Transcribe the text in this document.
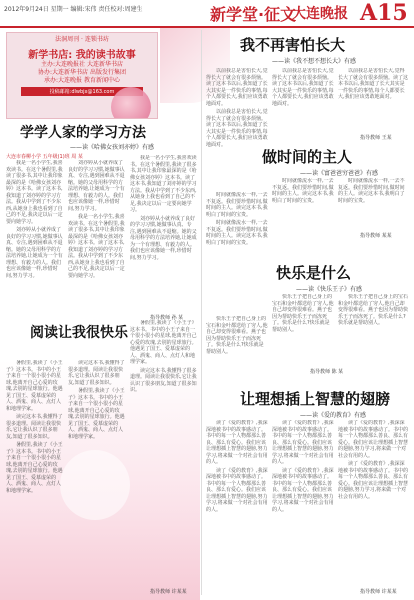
2012年9月24日 星期一 编辑:宋伟 责任校对:周建生	新学堂·征文
大连晚报 A15
法洞周刊 · 连锁书坊
新学书店: 我的读书故事
主办:大连晚报社 大连新华书店
协办:大连新华书店 出版发行集团
承办:大连晚报 教育新闻中心
投稿邮箱:dlwbjx@163.com
学学人家的学习方法
——读《哈佛女孩刘亦婷》有感
大连市春柳小学 五年级(1)班 周 某

我是一名小学生,我喜欢读书。在这个暑假里,我读了很多书,其中让我印象最深的是《哈佛女孩刘亦婷》这本书。读了这本书,我知道了刘亦婷的学习方法。我从中学到了不少东西,从她身上我也看到了自己的不足,我决定以后一定要向她学习。

刘亦婷从小就养成了良好的学习习惯,她做事认真、专注,遇到困难从不退缩。她的父母用科学的方法培养她,让她成为一个有理想、有毅力的人。我们也应该像她一样,珍惜时间,努力学习。

刘亦婷从小就养成了良好的学习习惯,她做事认真、专注,遇到困难从不退缩。她的父母用科学的方法培养她,让她成为一个有理想、有毅力的人。我们也应该像她一样,珍惜时间,努力学习。

我是一名小学生,我喜欢读书。在这个暑假里,我读了很多书,其中让我印象最深的是《哈佛女孩刘亦婷》这本书。读了这本书,我知道了刘亦婷的学习方法。我从中学到了不少东西,从她身上我也看到了自己的不足,我决定以后一定要向她学习。

我是一名小学生,我喜欢读书。在这个暑假里,我读了很多书,其中让我印象最深的是《哈佛女孩刘亦婷》这本书。读了这本书,我知道了刘亦婷的学习方法。我从中学到了不少东西,从她身上我也看到了自己的不足,我决定以后一定要向她学习。

刘亦婷从小就养成了良好的学习习惯,她做事认真、专注,遇到困难从不退缩。她的父母用科学的方法培养她,让她成为一个有理想、有毅力的人。我们也应该像她一样,珍惜时间,努力学习。

指导教师 孙 某
阅读让我很快乐

暑假里,我读了《小王子》这本书。书中的小王子来自一个很小很小的星球,他离开自己心爱的玫瑰,去别的星球旅行。他遇见了国王、爱慕虚荣的人、酒鬼、商人、点灯人和地理学家。

读完这本书,我懂得了很多道理。阅读让我很快乐,它让我认识了很多朋友,知道了很多知识。

暑假里,我读了《小王子》这本书。书中的小王子来自一个很小很小的星球,他离开自己心爱的玫瑰,去别的星球旅行。他遇见了国王、爱慕虚荣的人、酒鬼、商人、点灯人和地理学家。

读完这本书,我懂得了很多道理。阅读让我很快乐,它让我认识了很多朋友,知道了很多知识。

暑假里,我读了《小王子》这本书。书中的小王子来自一个很小很小的星球,他离开自己心爱的玫瑰,去别的星球旅行。他遇见了国王、爱慕虚荣的人、酒鬼、商人、点灯人和地理学家。

暑假里,我读了《小王子》这本书。书中的小王子来自一个很小很小的星球,他离开自己心爱的玫瑰,去别的星球旅行。他遇见了国王、爱慕虚荣的人、酒鬼、商人、点灯人和地理学家。

读完这本书,我懂得了很多道理。阅读让我很快乐,它让我认识了很多朋友,知道了很多知识。

指导教师 许某某
我不再害怕长大
——读《我不想不想长大》有感

以前我总是害怕长大,觉得长大了就会有很多烦恼。读了这本书以后,我知道了长大其实是一件快乐的事情,每个人都要长大,我们应该勇敢地面对。

以前我总是害怕长大,觉得长大了就会有很多烦恼。读了这本书以后,我知道了长大其实是一件快乐的事情,每个人都要长大,我们应该勇敢地面对。

以前我总是害怕长大,觉得长大了就会有很多烦恼。读了这本书以后,我知道了长大其实是一件快乐的事情,每个人都要长大,我们应该勇敢地面对。

以前我总是害怕长大,觉得长大了就会有很多烦恼。读了这本书以后,我知道了长大其实是一件快乐的事情,每个人都要长大,我们应该勇敢地面对。

指导教师 王某
做时间的主人
——读《富爸爸穷爸爸》有感

时间就像流水一样,一去不复返。我们要珍惜时间,做时间的主人。读完这本书,我明白了时间的宝贵。

时间就像流水一样,一去不复返。我们要珍惜时间,做时间的主人。读完这本书,我明白了时间的宝贵。

指导教师 某某

时间就像流水一样,一去不复返。我们要珍惜时间,做时间的主人。读完这本书,我明白了时间的宝贵。

时间就像流水一样,一去不复返。我们要珍惜时间,做时间的主人。读完这本书,我明白了时间的宝贵。

快乐是什么
——读《快乐王子》有感

快乐王子把自己身上的宝石和金叶都送给了穷人,他自己却变得很难看。燕子也因为帮助快乐王子而冻死了。快乐是什么?快乐就是帮助别人。

快乐王子把自己身上的宝石和金叶都送给了穷人,他自己却变得很难看。燕子也因为帮助快乐王子而冻死了。快乐是什么?快乐就是帮助别人。

快乐王子把自己身上的宝石和金叶都送给了穷人,他自己却变得很难看。燕子也因为帮助快乐王子而冻死了。快乐是什么?快乐就是帮助别人。

指导教师 陈 某
让理想插上智慧的翅膀
——读《爱的教育》有感

读了《爱的教育》,我深深地被书中的故事感动了。书中的每一个人物都那么善良、那么有爱心。我们应该让理想插上智慧的翅膀,努力学习,将来做一个对社会有用的人。

读了《爱的教育》,我深深地被书中的故事感动了。书中的每一个人物都那么善良、那么有爱心。我们应该让理想插上智慧的翅膀,努力学习,将来做一个对社会有用的人。

读了《爱的教育》,我深深地被书中的故事感动了。书中的每一个人物都那么善良、那么有爱心。我们应该让理想插上智慧的翅膀,努力学习,将来做一个对社会有用的人。

读了《爱的教育》,我深深地被书中的故事感动了。书中的每一个人物都那么善良、那么有爱心。我们应该让理想插上智慧的翅膀,努力学习,将来做一个对社会有用的人。

读了《爱的教育》,我深深地被书中的故事感动了。书中的每一个人物都那么善良、那么有爱心。我们应该让理想插上智慧的翅膀,努力学习,将来做一个对社会有用的人。

读了《爱的教育》,我深深地被书中的故事感动了。书中的每一个人物都那么善良、那么有爱心。我们应该让理想插上智慧的翅膀,努力学习,将来做一个对社会有用的人。

指导教师 许某某
